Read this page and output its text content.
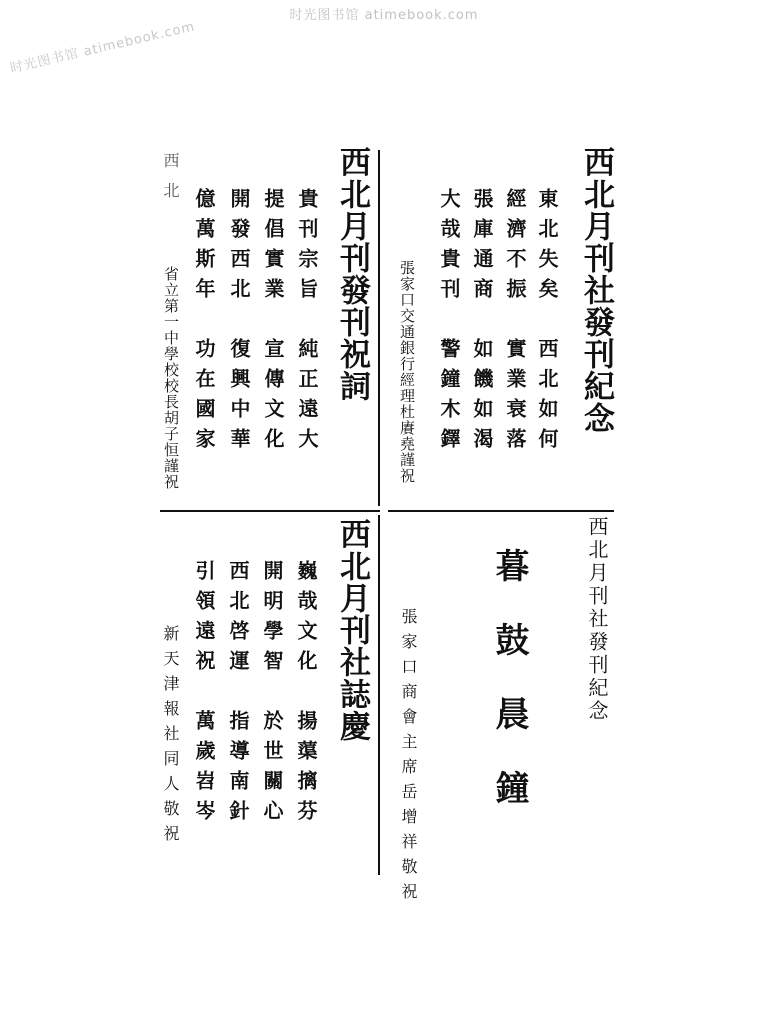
时光图书馆 atimebook.com
时光图书馆 atimebook.com
西北月刊社發刊紀念
東北失矣　西北如何
經濟不振　實業衰落
張庫通商　如饑如渴
大哉貴刊　警鐘木鐸
張家口交通銀行經理杜賡堯謹祝
西北月刊發刊祝詞
貴刊宗旨　純正遠大
提倡實業　宣傳文化
開發西北　復興中華
億萬斯年　功在國家
省立第一中學校校長胡子恒謹祝
西北
西北月刊社發刊紀念
暮鼓晨鐘
張家口商會主席岳增祥敬祝
西北月刊社誌慶
巍哉文化　揚蕖摛芬
開明學智　於世關心
西北啓運　指導南針
引領遠祝　萬歲岧岑
新天津報社同人敬祝
